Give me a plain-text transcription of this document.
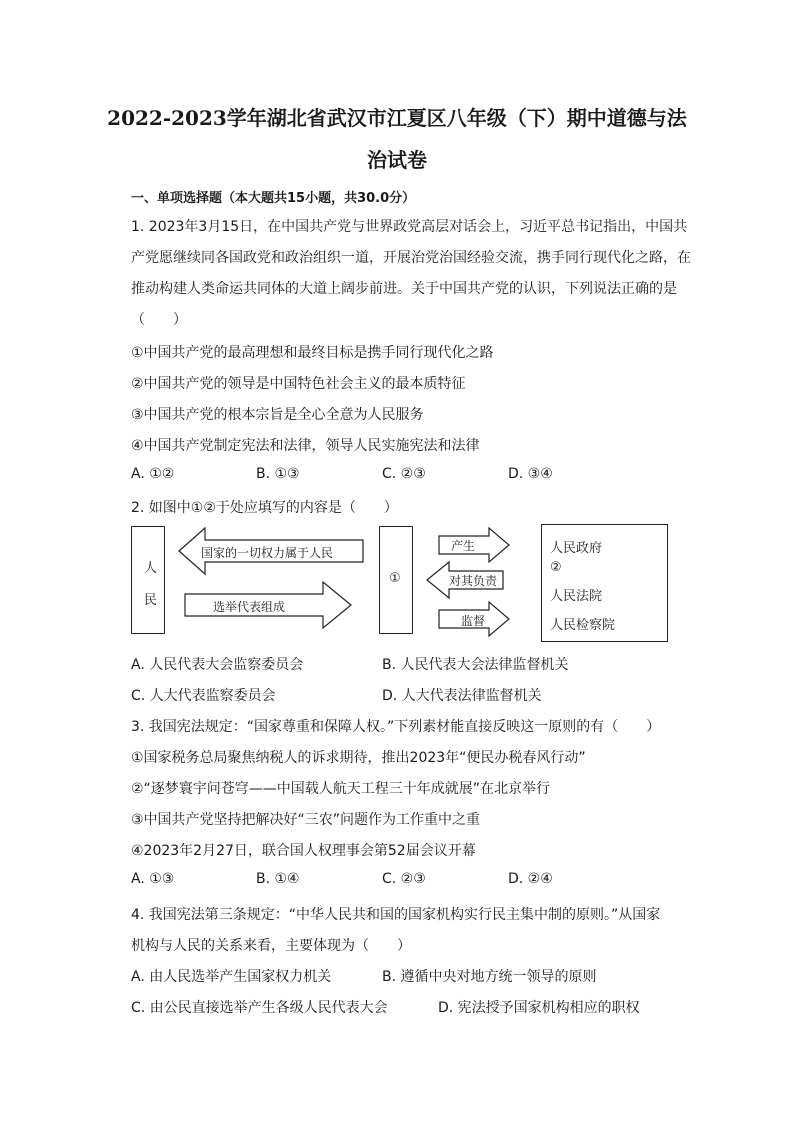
2022-2023学年湖北省武汉市江夏区八年级（下）期中道德与法
治试卷
一、单项选择题（本大题共15小题，共30.0分）
1. 2023年3月15日，在中国共产党与世界政党高层对话会上，习近平总书记指出，中国共
产党愿继续同各国政党和政治组织一道，开展治党治国经验交流，携手同行现代化之路，在
推动构建人类命运共同体的大道上阔步前进。关于中国共产党的认识，下列说法正确的是
（　　）
①中国共产党的最高理想和最终目标是携手同行现代化之路
②中国共产党的领导是中国特色社会主义的最本质特征
③中国共产党的根本宗旨是全心全意为人民服务
④中国共产党制定宪法和法律，领导人民实施宪法和法律
A. ①②	B. ①③	C. ②③	D. ③④
2. 如图中①②于处应填写的内容是（　　）
人
民
国家的一切权力属于人民
选举代表组成
①
产生
对其负责
监督
人民政府
②
人民法院
人民检察院
A. 人民代表大会监察委员会	B. 人民代表大会法律监督机关
C. 人大代表监察委员会	D. 人大代表法律监督机关
3. 我国宪法规定：“国家尊重和保障人权。”下列素材能直接反映这一原则的有（　　）
①国家税务总局聚焦纳税人的诉求期待，推出2023年“便民办税春风行动”
②“逐梦寰宇问苍穹——中国载人航天工程三十年成就展”在北京举行
③中国共产党坚持把解决好“三农”问题作为工作重中之重
④2023年2月27日，联合国人权理事会第52届会议开幕
A. ①③	B. ①④	C. ②③	D. ②④
4. 我国宪法第三条规定：“中华人民共和国的国家机构实行民主集中制的原则。”从国家
机构与人民的关系来看，主要体现为（　　）
A. 由人民选举产生国家权力机关	B. 遵循中央对地方统一领导的原则
C. 由公民直接选举产生各级人民代表大会	D. 宪法授予国家机构相应的职权
